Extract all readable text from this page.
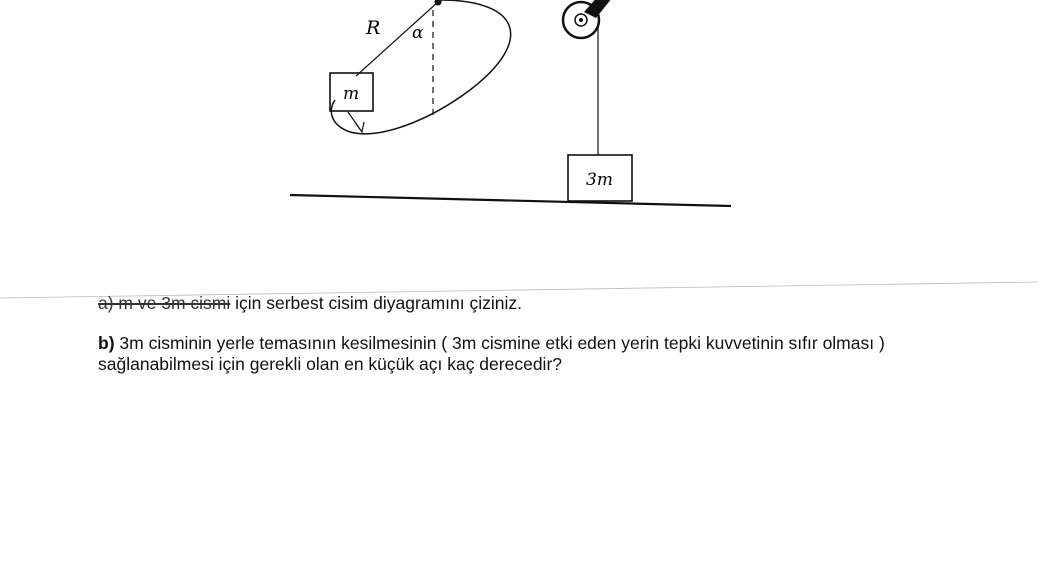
R α
m
3m
a) m ve 3m cismi için serbest cisim diyagramını çiziniz.
b) 3m cisminin yerle temasının kesilmesinin ( 3m cismine etki eden yerin tepki kuvvetinin sıfır olması ) sağlanabilmesi için gerekli olan en küçük açı kaç derecedir?
